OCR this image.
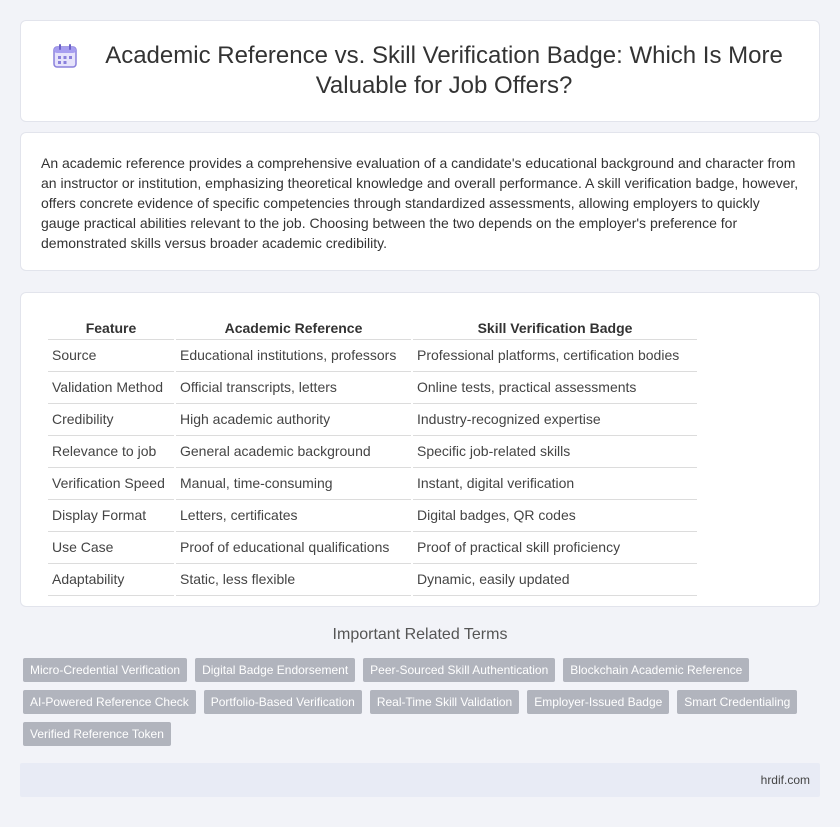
Academic Reference vs. Skill Verification Badge: Which Is More Valuable for Job Offers?

An academic reference provides a comprehensive evaluation of a candidate's educational background and character from an instructor or institution, emphasizing theoretical knowledge and overall performance. A skill verification badge, however, offers concrete evidence of specific competencies through standardized assessments, allowing employers to quickly gauge practical abilities relevant to the job. Choosing between the two depends on the employer's preference for demonstrated skills versus broader academic credibility.

Feature	Academic Reference	Skill Verification Badge
Source	Educational institutions, professors	Professional platforms, certification bodies
Validation Method	Official transcripts, letters	Online tests, practical assessments
Credibility	High academic authority	Industry-recognized expertise
Relevance to job	General academic background	Specific job-related skills
Verification Speed	Manual, time-consuming	Instant, digital verification
Display Format	Letters, certificates	Digital badges, QR codes
Use Case	Proof of educational qualifications	Proof of practical skill proficiency
Adaptability	Static, less flexible	Dynamic, easily updated
Important Related Terms
Micro-Credential Verification	Digital Badge Endorsement	Peer-Sourced Skill Authentication	Blockchain Academic Reference
AI-Powered Reference Check	Portfolio-Based Verification	Real-Time Skill Validation	Employer-Issued Badge	Smart Credentialing
Verified Reference Token
hrdif.com
